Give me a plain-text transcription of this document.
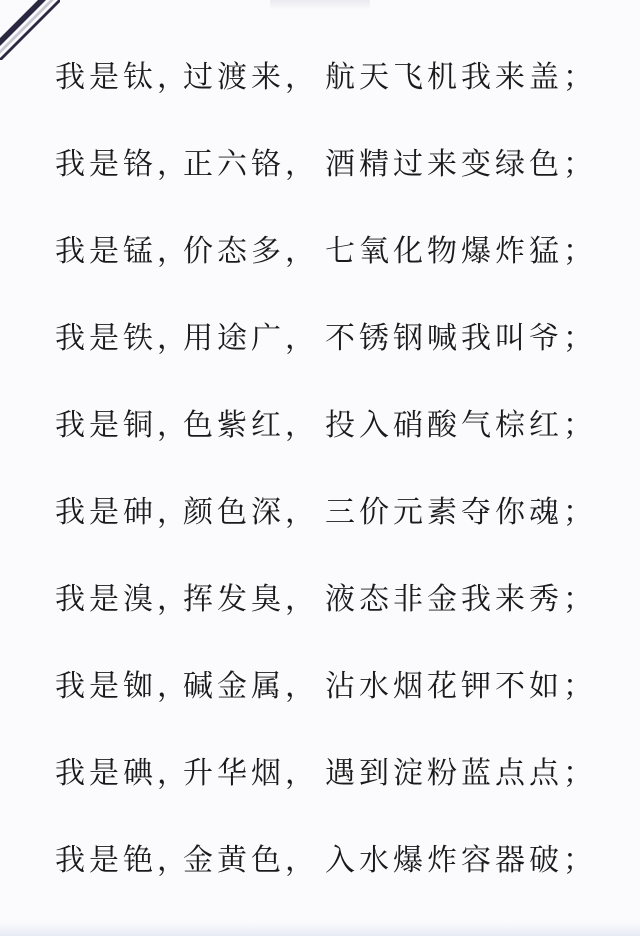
我是钛，
过渡来， 航天飞机我来盖；
我是铬，
正六铬， 酒精过来变绿色；
我是锰，
价态多， 七氧化物爆炸猛；
我是铁，
用途广， 不锈钢喊我叫爷；
我是铜，
色紫红， 投入硝酸气棕红；
我是砷，
颜色深， 三价元素夺你魂；
我是溴，
挥发臭， 液态非金我来秀；
我是铷，
碱金属， 沾水烟花钾不如；
我是碘，
升华烟， 遇到淀粉蓝点点；
我是铯，
金黄色， 入水爆炸容器破；
